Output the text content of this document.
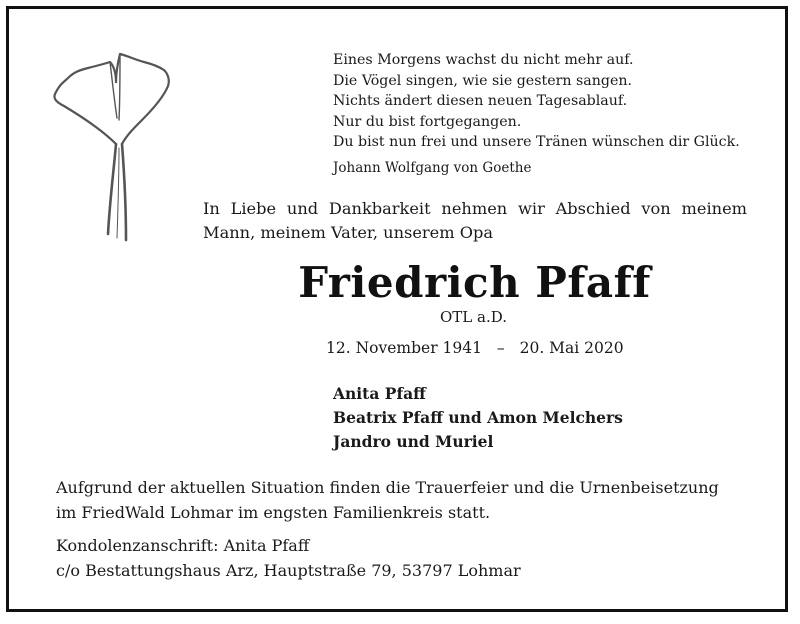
Eines Morgens wachst du nicht mehr auf.
Die Vögel singen, wie sie gestern sangen.
Nichts ändert diesen neuen Tagesablauf.
Nur du bist fortgegangen.
Du bist nun frei und unsere Tränen wünschen dir Glück.
Johann Wolfgang von Goethe
In Liebe und Dankbarkeit nehmen wir Abschied von meinem Mann, meinem Vater, unserem Opa
Friedrich Pfaff
OTL a.D.
12. November 1941 – 20. Mai 2020
Anita Pfaff
Beatrix Pfaff und Amon Melchers
Jandro und Muriel
Aufgrund der aktuellen Situation finden die Trauerfeier und die Urnenbeisetzung
im FriedWald Lohmar im engsten Familienkreis statt.
Kondolenzanschrift: Anita Pfaff
c/o Bestattungshaus Arz, Hauptstraße 79, 53797 Lohmar
